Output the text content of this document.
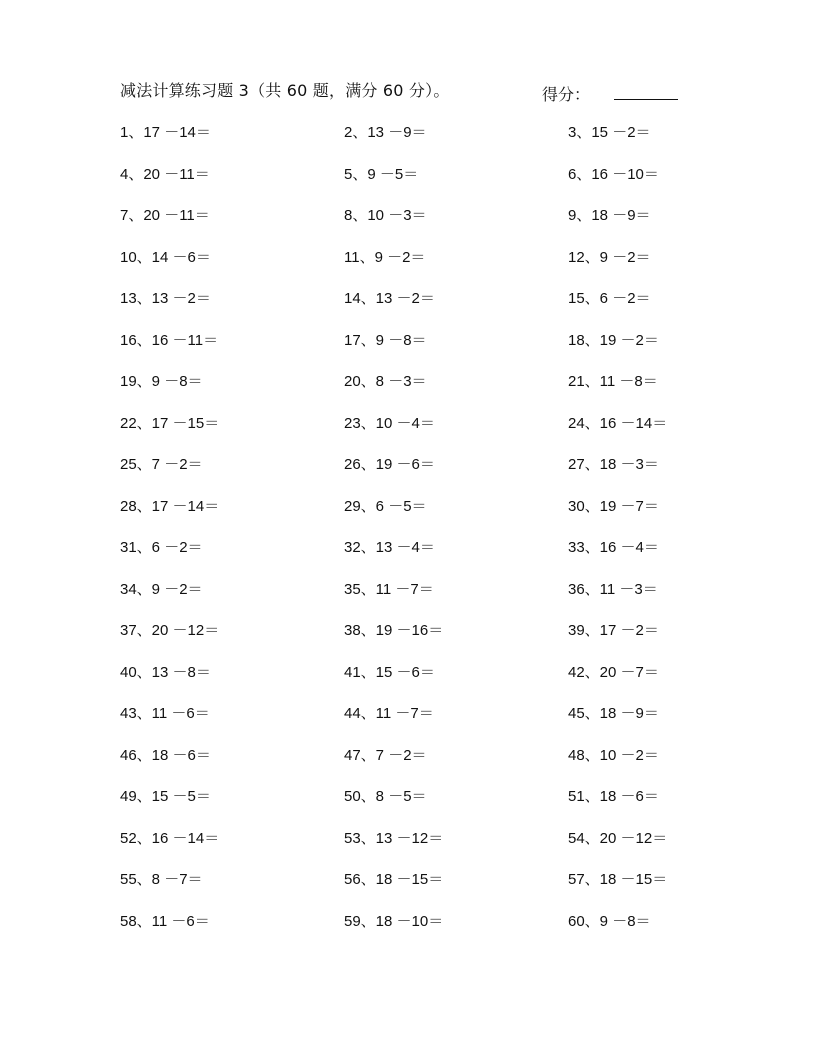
减法计算练习题 3（共 60 题，满分 60 分）。	得分：
1、17 －14＝	2、13 －9＝	3、15 －2＝
4、20 －11＝	5、9 －5＝	6、16 －10＝
7、20 －11＝	8、10 －3＝	9、18 －9＝
10、14 －6＝	11、9 －2＝	12、9 －2＝
13、13 －2＝	14、13 －2＝	15、6 －2＝
16、16 －11＝	17、9 －8＝	18、19 －2＝
19、9 －8＝	20、8 －3＝	21、11 －8＝
22、17 －15＝	23、10 －4＝	24、16 －14＝
25、7 －2＝	26、19 －6＝	27、18 －3＝
28、17 －14＝	29、6 －5＝	30、19 －7＝
31、6 －2＝	32、13 －4＝	33、16 －4＝
34、9 －2＝	35、11 －7＝	36、11 －3＝
37、20 －12＝	38、19 －16＝	39、17 －2＝
40、13 －8＝	41、15 －6＝	42、20 －7＝
43、11 －6＝	44、11 －7＝	45、18 －9＝
46、18 －6＝	47、7 －2＝	48、10 －2＝
49、15 －5＝	50、8 －5＝	51、18 －6＝
52、16 －14＝	53、13 －12＝	54、20 －12＝
55、8 －7＝	56、18 －15＝	57、18 －15＝
58、11 －6＝	59、18 －10＝	60、9 －8＝
